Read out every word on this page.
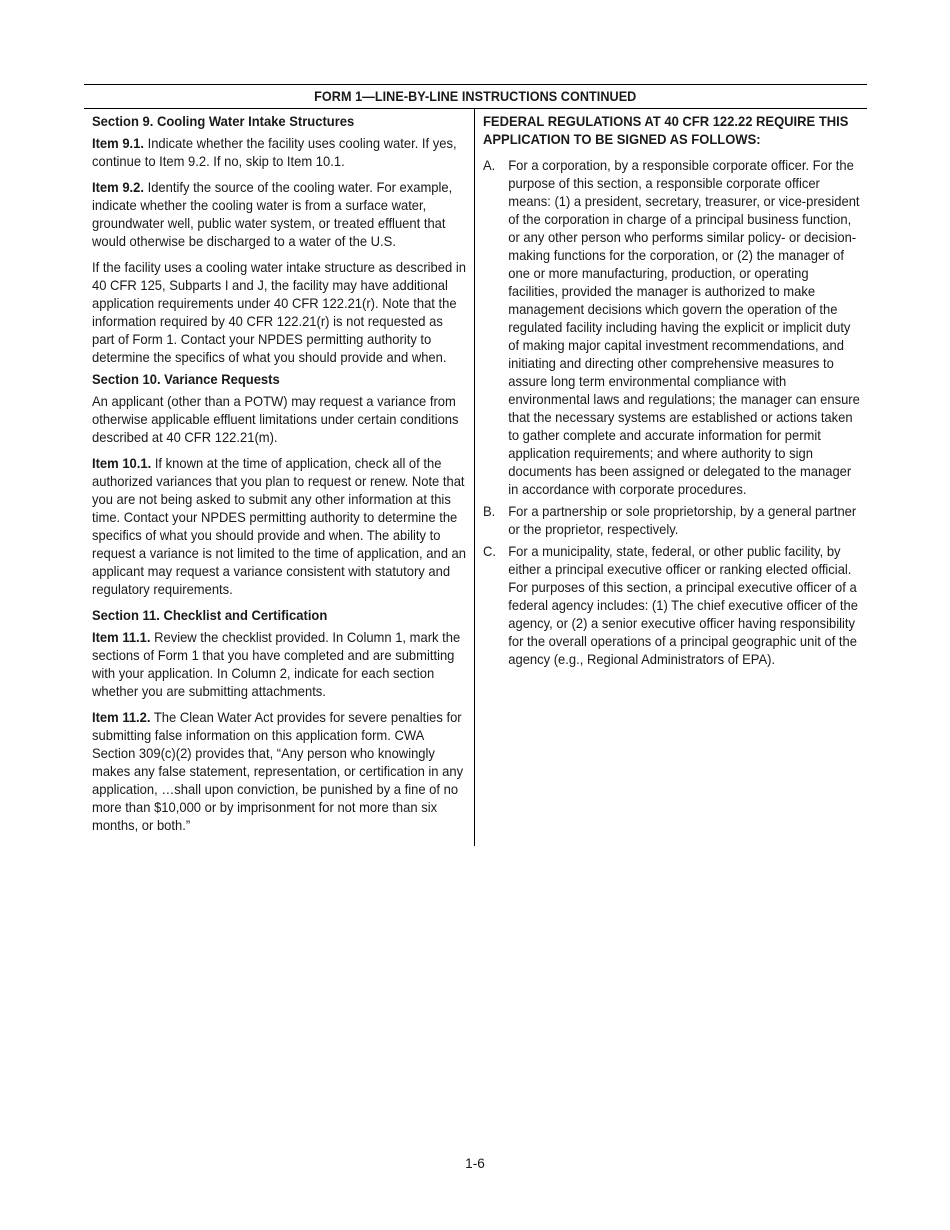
FORM 1—LINE-BY-LINE INSTRUCTIONS CONTINUED

Section 9. Cooling Water Intake Structures

Item 9.1. Indicate whether the facility uses cooling water. If yes, continue to Item 9.2. If no, skip to Item 10.1.

Item 9.2. Identify the source of the cooling water. For example, indicate whether the cooling water is from a surface water, groundwater well, public water system, or treated effluent that would otherwise be discharged to a water of the U.S.

If the facility uses a cooling water intake structure as described in 40 CFR 125, Subparts I and J, the facility may have additional application requirements under 40 CFR 122.21(r). Note that the information required by 40 CFR 122.21(r) is not requested as part of Form 1. Contact your NPDES permitting authority to determine the specifics of what you should provide and when.

Section 10. Variance Requests

An applicant (other than a POTW) may request a variance from otherwise applicable effluent limitations under certain conditions described at 40 CFR 122.21(m).

Item 10.1. If known at the time of application, check all of the authorized variances that you plan to request or renew. Note that you are not being asked to submit any other information at this time. Contact your NPDES permitting authority to determine the specifics of what you should provide and when. The ability to request a variance is not limited to the time of application, and an applicant may request a variance consistent with statutory and regulatory requirements.

Section 11. Checklist and Certification

Item 11.1. Review the checklist provided. In Column 1, mark the sections of Form 1 that you have completed and are submitting with your application. In Column 2, indicate for each section whether you are submitting attachments.

Item 11.2. The Clean Water Act provides for severe penalties for submitting false information on this application form. CWA Section 309(c)(2) provides that, “Any person who knowingly makes any false statement, representation, or certification in any application, …shall upon conviction, be punished by a fine of no more than $10,000 or by imprisonment for not more than six months, or both.”

FEDERAL REGULATIONS AT 40 CFR 122.22 REQUIRE THIS APPLICATION TO BE SIGNED AS FOLLOWS:

A. For a corporation, by a responsible corporate officer. For the purpose of this section, a responsible corporate officer means: (1) a president, secretary, treasurer, or vice-president of the corporation in charge of a principal business function, or any other person who performs similar policy- or decision-making functions for the corporation, or (2) the manager of one or more manufacturing, production, or operating facilities, provided the manager is authorized to make management decisions which govern the operation of the regulated facility including having the explicit or implicit duty of making major capital investment recommendations, and initiating and directing other comprehensive measures to assure long term environmental compliance with environmental laws and regulations; the manager can ensure that the necessary systems are established or actions taken to gather complete and accurate information for permit application requirements; and where authority to sign documents has been assigned or delegated to the manager in accordance with corporate procedures.
B. For a partnership or sole proprietorship, by a general partner or the proprietor, respectively.
C. For a municipality, state, federal, or other public facility, by either a principal executive officer or ranking elected official. For purposes of this section, a principal executive officer of a federal agency includes: (1) The chief executive officer of the agency, or (2) a senior executive officer having responsibility for the overall operations of a principal geographic unit of the agency (e.g., Regional Administrators of EPA).
1-6
